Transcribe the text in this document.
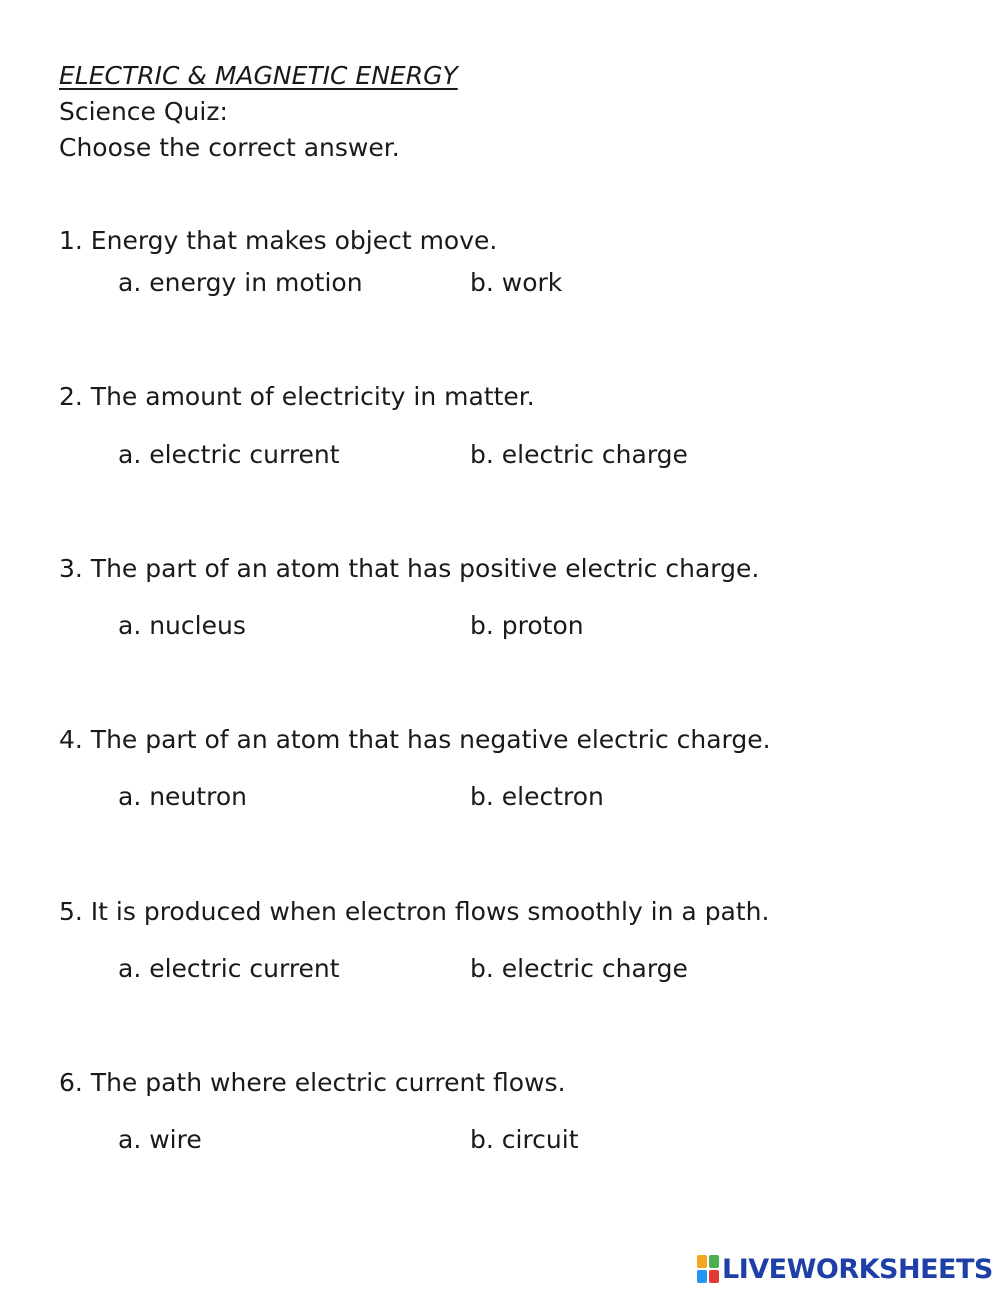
ELECTRIC & MAGNETIC ENERGY
Science Quiz:
Choose the correct answer.
1. Energy that makes object move.
a. energy in motion	b. work
2. The amount of electricity in matter.
a. electric current	b. electric charge
3. The part of an atom that has positive electric charge.
a. nucleus	b. proton
4. The part of an atom that has negative electric charge.
a. neutron	b. electron
5. It is produced when electron flows smoothly in a path.
a. electric current	b. electric charge
6. The path where electric current flows.
a. wire	b. circuit
LIVEWORKSHEETS
